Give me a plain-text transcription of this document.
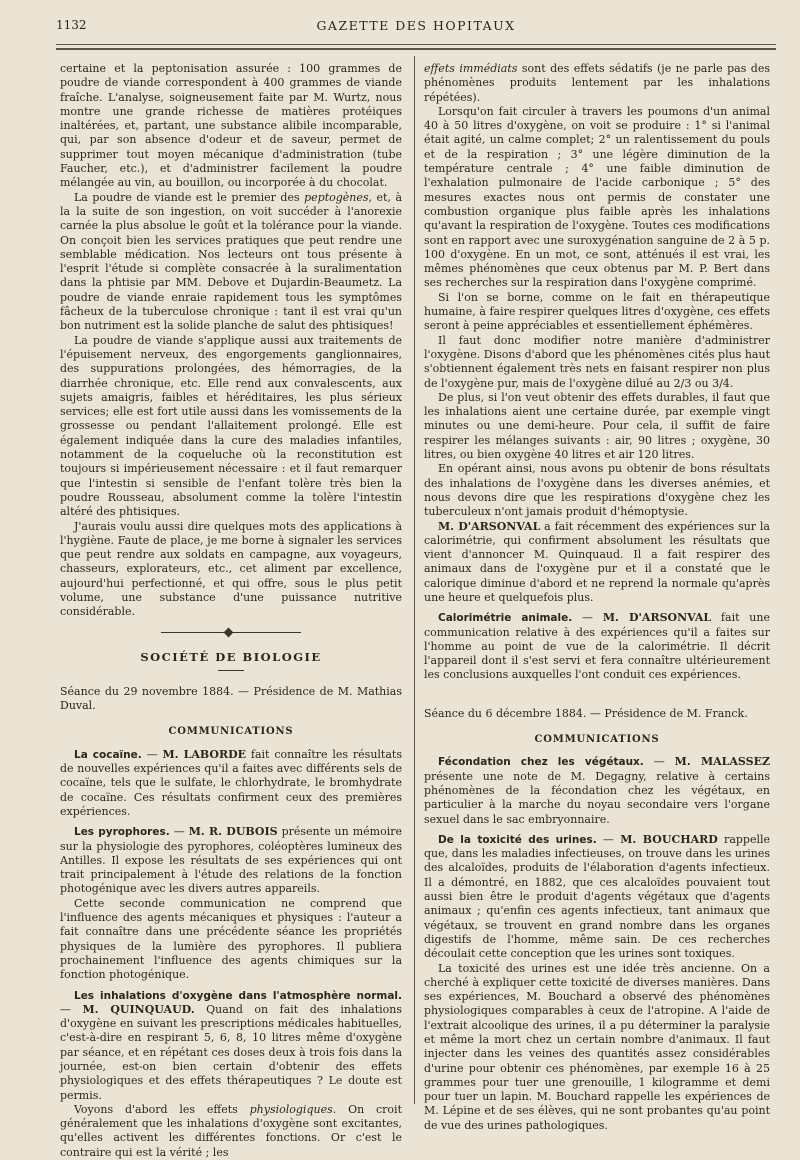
1132	GAZETTE DES HOPITAUX

certaine et la peptonisation assurée : 100 grammes de poudre de viande correspondent à 400 grammes de viande fraîche. L'analyse, soigneusement faite par M. Wurtz, nous montre une grande richesse de matières protéiques inaltérées, et, partant, une substance alibile incomparable, qui, par son absence d'odeur et de saveur, permet de supprimer tout moyen mécanique d'administration (tube Faucher, etc.), et d'administrer facilement la poudre mélangée au vin, au bouillon, ou incorporée à du chocolat.

La poudre de viande est le premier des peptogènes, et, à la la suite de son ingestion, on voit succéder à l'anorexie carnée la plus absolue le goût et la tolérance pour la viande. On conçoit bien les services pratiques que peut rendre une semblable médication. Nos lecteurs ont tous présente à l'esprit l'étude si complète consacrée à la suralimentation dans la phtisie par MM. Debove et Dujardin-Beaumetz. La poudre de viande enraie rapidement tous les symptômes fâcheux de la tuberculose chronique : tant il est vrai qu'un bon nutriment est la solide planche de salut des phtisiques!

La poudre de viande s'applique aussi aux traitements de l'épuisement nerveux, des engorgements ganglionnaires, des suppurations prolongées, des hémorragies, de la diarrhée chronique, etc. Elle rend aux convalescents, aux sujets amaigris, faibles et héréditaires, les plus sérieux services; elle est fort utile aussi dans les vomissements de la grossesse ou pendant l'allaitement prolongé. Elle est également indiquée dans la cure des maladies infantiles, notamment de la coqueluche où la reconstitution est toujours si impérieusement nécessaire : et il faut remarquer que l'intestin si sensible de l'enfant tolère très bien la poudre Rousseau, absolument comme la tolère l'intestin altéré des phtisiques.

J'aurais voulu aussi dire quelques mots des applications à l'hygiène. Faute de place, je me borne à signaler les services que peut rendre aux soldats en campagne, aux voyageurs, chasseurs, explorateurs, etc., cet aliment par excellence, aujourd'hui perfectionné, et qui offre, sous le plus petit volume, une substance d'une puissance nutritive considérable.

SOCIÉTÉ DE BIOLOGIE

Séance du 29 novembre 1884. — Présidence de M. Mathias Duval.

COMMUNICATIONS

La cocaïne. — M. LABORDE fait connaître les résultats de nouvelles expériences qu'il a faites avec différents sels de cocaïne, tels que le sulfate, le chlorhydrate, le bromhydrate de cocaïne. Ces résultats confirment ceux des premières expériences.

Les pyrophores. — M. R. DUBOIS présente un mémoire sur la physiologie des pyrophores, coléoptères lumineux des Antilles. Il expose les résultats de ses expériences qui ont trait principalement à l'étude des relations de la fonction photogénique avec les divers autres appareils.

Cette seconde communication ne comprend que l'influence des agents mécaniques et physiques : l'auteur a fait connaître dans une précédente séance les propriétés physiques de la lumière des pyrophores. Il publiera prochainement l'influence des agents chimiques sur la fonction photogénique.

Les inhalations d'oxygène dans l'atmosphère normal. — M. QUINQUAUD. Quand on fait des inhalations d'oxygène en suivant les prescriptions médicales habituelles, c'est-à-dire en respirant 5, 6, 8, 10 litres même d'oxygène par séance, et en répétant ces doses deux à trois fois dans la journée, est-on bien certain d'obtenir des effets physiologiques et des effets thérapeutiques ? Le doute est permis.

Voyons d'abord les effets physiologiques. On croit généralement que les inhalations d'oxygène sont excitantes, qu'elles activent les différentes fonctions. Or c'est le contraire qui est la vérité ; les

effets immédiats sont des effets sédatifs (je ne parle pas des phénomènes produits lentement par les inhalations répétées).

Lorsqu'on fait circuler à travers les poumons d'un animal 40 à 50 litres d'oxygène, on voit se produire : 1° si l'animal était agité, un calme complet; 2° un ralentissement du pouls et de la respiration ; 3° une légère diminution de la température centrale ; 4° une faible diminution de l'exhalation pulmonaire de l'acide carbonique ; 5° des mesures exactes nous ont permis de constater une combustion organique plus faible après les inhalations qu'avant la respiration de l'oxygène. Toutes ces modifications sont en rapport avec une suroxygénation sanguine de 2 à 5 p. 100 d'oxygène. En un mot, ce sont, atténués il est vrai, les mêmes phénomènes que ceux obtenus par M. P. Bert dans ses recherches sur la respiration dans l'oxygène comprimé.

Si l'on se borne, comme on le fait en thérapeutique humaine, à faire respirer quelques litres d'oxygène, ces effets seront à peine appréciables et essentiellement éphémères.

Il faut donc modifier notre manière d'administrer l'oxygène. Disons d'abord que les phénomènes cités plus haut s'obtiennent également très nets en faisant respirer non plus de l'oxygène pur, mais de l'oxygène dilué au 2/3 ou 3/4.

De plus, si l'on veut obtenir des effets durables, il faut que les inhalations aient une certaine durée, par exemple vingt minutes ou une demi-heure. Pour cela, il suffit de faire respirer les mélanges suivants : air, 90 litres ; oxygène, 30 litres, ou bien oxygène 40 litres et air 120 litres.

En opérant ainsi, nous avons pu obtenir de bons résultats des inhalations de l'oxygène dans les diverses anémies, et nous devons dire que les respirations d'oxygène chez les tuberculeux n'ont jamais produit d'hémoptysie.

M. D'ARSONVAL a fait récemment des expériences sur la calorimétrie, qui confirment absolument les résultats que vient d'annoncer M. Quinquaud. Il a fait respirer des animaux dans de l'oxygène pur et il a constaté que le calorique diminue d'abord et ne reprend la normale qu'après une heure et quelquefois plus.

Calorimétrie animale. — M. D'ARSONVAL fait une communication relative à des expériences qu'il a faites sur l'homme au point de vue de la calorimétrie. Il décrit l'appareil dont il s'est servi et fera connaître ultérieurement les conclusions auxquelles l'ont conduit ces expériences.

Séance du 6 décembre 1884. — Présidence de M. Franck.

COMMUNICATIONS

Fécondation chez les végétaux. — M. MALASSEZ présente une note de M. Degagny, relative à certains phénomènes de la fécondation chez les végétaux, en particulier à la marche du noyau secondaire vers l'organe sexuel dans le sac embryonnaire.

De la toxicité des urines. — M. BOUCHARD rappelle que, dans les maladies infectieuses, on trouve dans les urines des alcaloïdes, produits de l'élaboration d'agents infectieux. Il a démontré, en 1882, que ces alcaloïdes pouvaient tout aussi bien être le produit d'agents végétaux que d'agents animaux ; qu'enfin ces agents infectieux, tant animaux que végétaux, se trouvent en grand nombre dans les organes digestifs de l'homme, même sain. De ces recherches découlait cette conception que les urines sont toxiques.

La toxicité des urines est une idée très ancienne. On a cherché à expliquer cette toxicité de diverses manières. Dans ses expériences, M. Bouchard a observé des phénomènes physiologiques comparables à ceux de l'atropine. A l'aide de l'extrait alcoolique des urines, il a pu déterminer la paralysie et même la mort chez un certain nombre d'animaux. Il faut injecter dans les veines des quantités assez considérables d'urine pour obtenir ces phénomènes, par exemple 16 à 25 grammes pour tuer une grenouille, 1 kilogramme et demi pour tuer un lapin. M. Bouchard rappelle les expériences de M. Lépine et de ses élèves, qui ne sont probantes qu'au point de vue des urines pathologiques.
